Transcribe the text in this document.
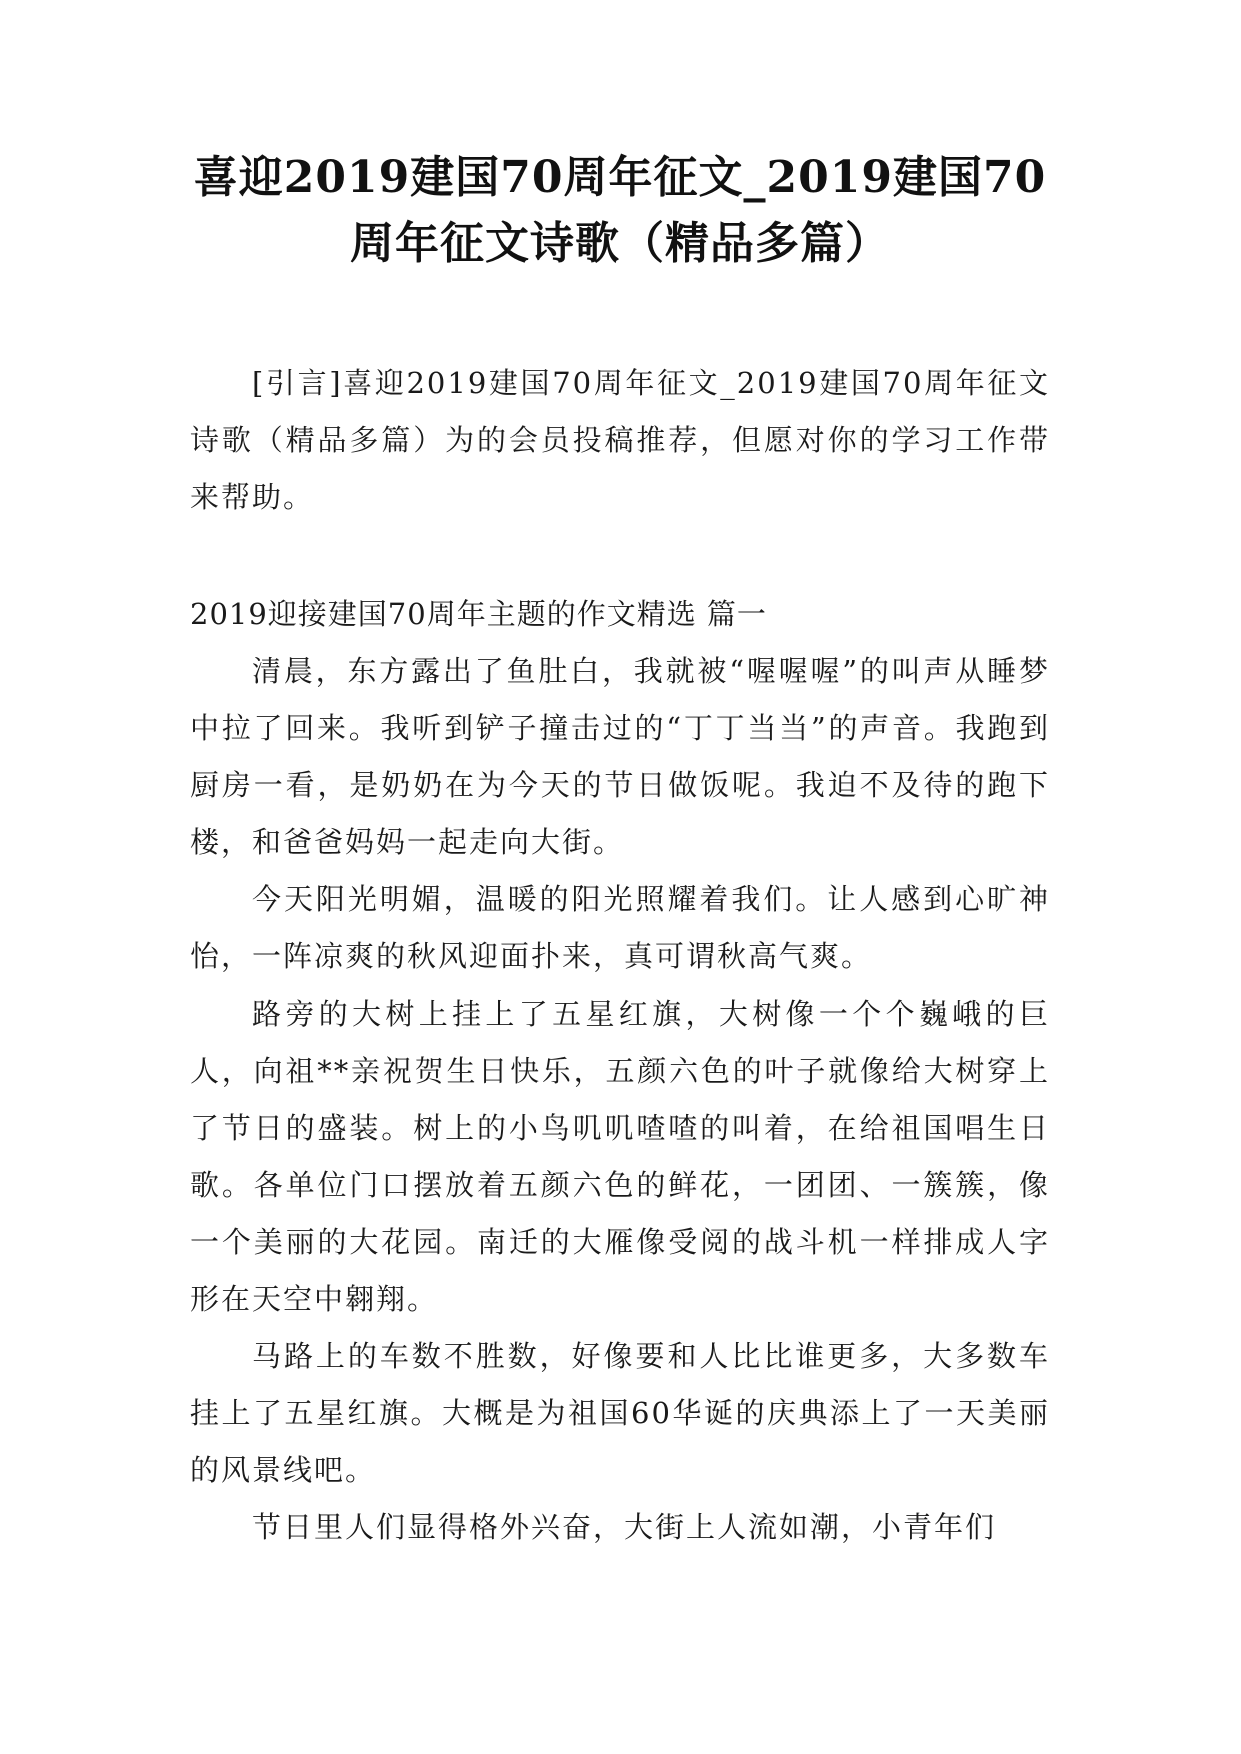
喜迎2019建国70周年征文_2019建国70周年征文诗歌（精品多篇）

[引言]喜迎2019建国70周年征文_2019建国70周年征文诗歌（精品多篇）为的会员投稿推荐，但愿对你的学习工作带来帮助。

2019迎接建国70周年主题的作文精选 篇一

清晨，东方露出了鱼肚白，我就被“喔喔喔”的叫声从睡梦中拉了回来。我听到铲子撞击过的“丁丁当当”的声音。我跑到厨房一看，是奶奶在为今天的节日做饭呢。我迫不及待的跑下楼，和爸爸妈妈一起走向大街。

今天阳光明媚，温暖的阳光照耀着我们。让人感到心旷神怡，一阵凉爽的秋风迎面扑来，真可谓秋高气爽。

路旁的大树上挂上了五星红旗，大树像一个个巍峨的巨人，向祖**亲祝贺生日快乐，五颜六色的叶子就像给大树穿上了节日的盛装。树上的小鸟叽叽喳喳的叫着，在给祖国唱生日歌。各单位门口摆放着五颜六色的鲜花，一团团、一簇簇，像一个美丽的大花园。南迁的大雁像受阅的战斗机一样排成人字形在天空中翱翔。

马路上的车数不胜数，好像要和人比比谁更多，大多数车挂上了五星红旗。大概是为祖国60华诞的庆典添上了一天美丽的风景线吧。

节日里人们显得格外兴奋，大街上人流如潮，小青年们
